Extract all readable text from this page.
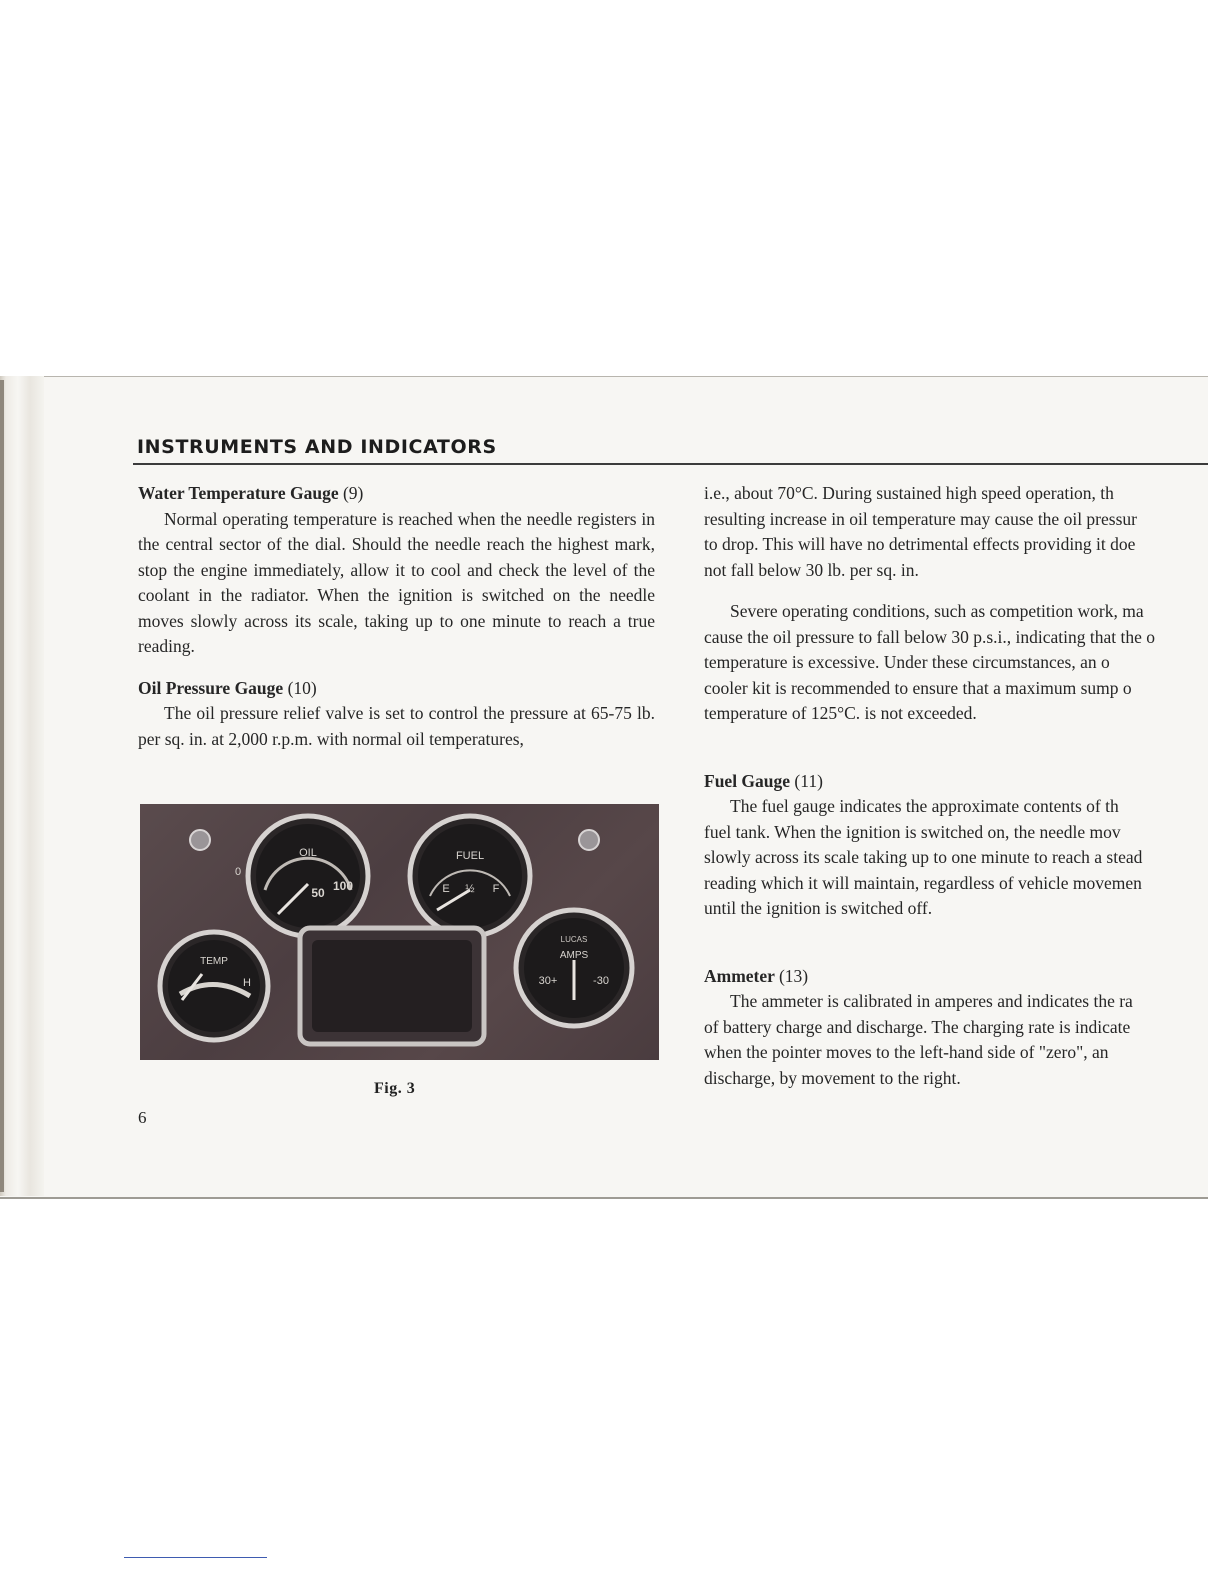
INSTRUMENTS AND INDICATORS

Water Temperature Gauge (9)

Normal operating temperature is reached when the needle registers in the central sector of the dial. Should the needle reach the highest mark, stop the engine immediately, allow it to cool and check the level of the coolant in the radiator. When the ignition is switched on the needle moves slowly across its scale, taking up to one minute to reach a true reading.

Oil Pressure Gauge (10)

The oil pressure relief valve is set to control the pressure at 65-75 lb. per sq. in. at 2,000 r.p.m. with normal oil temperatures,

OIL
0
50 100
FUEL
E ½ F
TEMP
H
LUCAS
AMPS
30+	-30
Fig. 3
6

i.e., about 70°C. During sustained high speed operation, th

resulting increase in oil temperature may cause the oil pressur

to drop. This will have no detrimental effects providing it doe

not fall below 30 lb. per sq. in.

Severe operating conditions, such as competition work, ma

cause the oil pressure to fall below 30 p.s.i., indicating that the o

temperature is excessive. Under these circumstances, an o

cooler kit is recommended to ensure that a maximum sump o

temperature of 125°C. is not exceeded.

Fuel Gauge (11)

The fuel gauge indicates the approximate contents of th

fuel tank. When the ignition is switched on, the needle mov

slowly across its scale taking up to one minute to reach a stead

reading which it will maintain, regardless of vehicle movemen

until the ignition is switched off.

Ammeter (13)

The ammeter is calibrated in amperes and indicates the ra

of battery charge and discharge. The charging rate is indicate

when the pointer moves to the left-hand side of "zero", an

discharge, by movement to the right.
